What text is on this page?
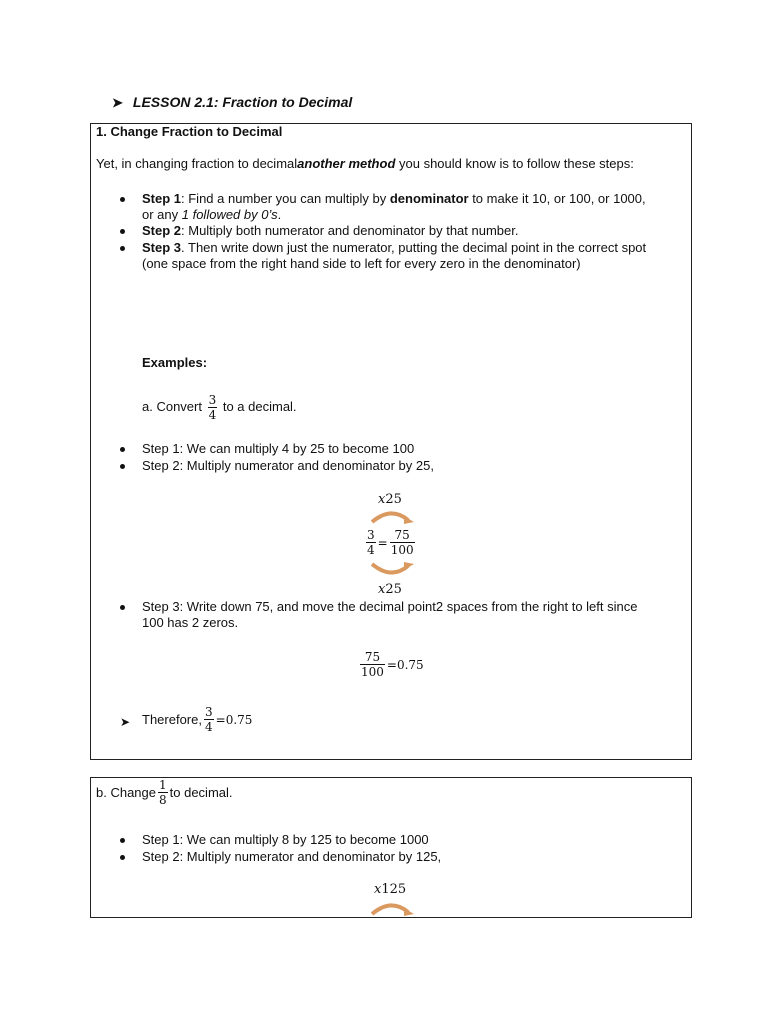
➤ LESSON 2.1: Fraction to Decimal
1. Change Fraction to Decimal
Yet, in changing fraction to decimalanother method you should know is to follow these steps:
Step 1: Find a number you can multiply by denominator to make it 10, or 100, or 1000,
or any 1 followed by 0’s.
Step 2: Multiply both numerator and denominator by that number.
Step 3. Then write down just the numerator, putting the decimal point in the correct spot
(one space from the right hand side to left for every zero in the denominator)
Examples:
a. Convert $\frac{3}{4}$ to a decimal.
Step 1: We can multiply 4 by 25 to become 100
Step 2: Multiply numerator and denominator by 25,
x25
$\frac{3}{4} = \frac{75}{100}$
x25
Step 3: Write down 75, and move the decimal point2 spaces from the right to left since
100 has 2 zeros.
$\frac{75}{100} = 0.75$
➤ Therefore, $\frac{3}{4} = 0.75$
b. Change $\frac{1}{8}$ to decimal.
Step 1: We can multiply 8 by 125 to become 1000
Step 2: Multiply numerator and denominator by 125,
x125
